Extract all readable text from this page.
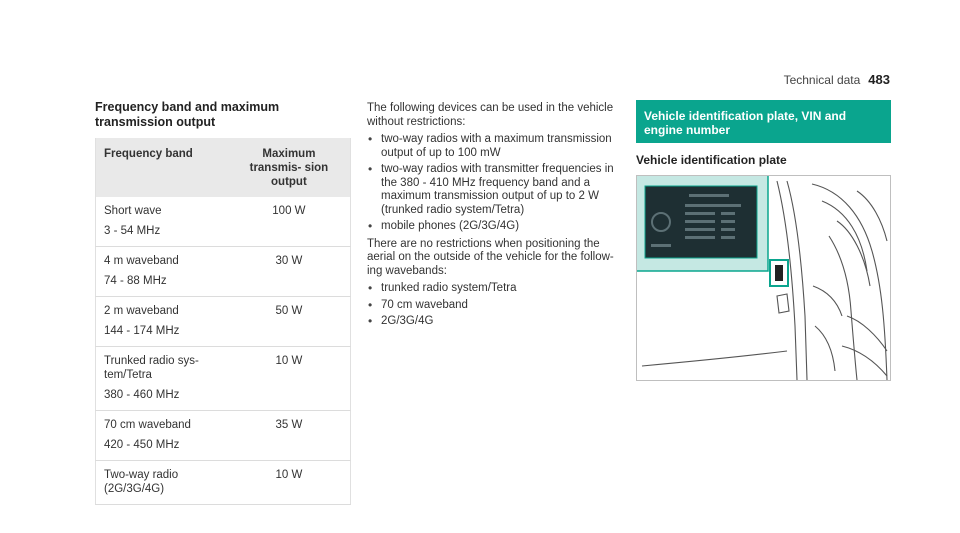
Technical data 483
Frequency band and maximum transmission output
Frequency band	Maximum transmis- sion output

Short wave
3 - 54 MHz	100 W

4 m waveband
74 - 88 MHz	30 W

2 m waveband
144 - 174 MHz	50 W

Trunked radio sys- tem/Tetra
380 - 460 MHz	10 W

70 cm waveband
420 - 450 MHz	35 W

Two-way radio (2G/3G/4G)	10 W

The following devices can be used in the vehicle without restrictions:

• two-way radios with a maximum transmission output of up to 100 mW
• two-way radios with transmitter frequencies in the 380 - 410 MHz frequency band and a maximum transmission output of up to 2 W (trunked radio system/Tetra)
• mobile phones (2G/3G/4G)

There are no restrictions when positioning the aerial on the outside of the vehicle for the follow- ing wavebands:

• trunked radio system/Tetra
• 70 cm waveband
• 2G/3G/4G
Vehicle identification plate, VIN and engine number
Vehicle identification plate
